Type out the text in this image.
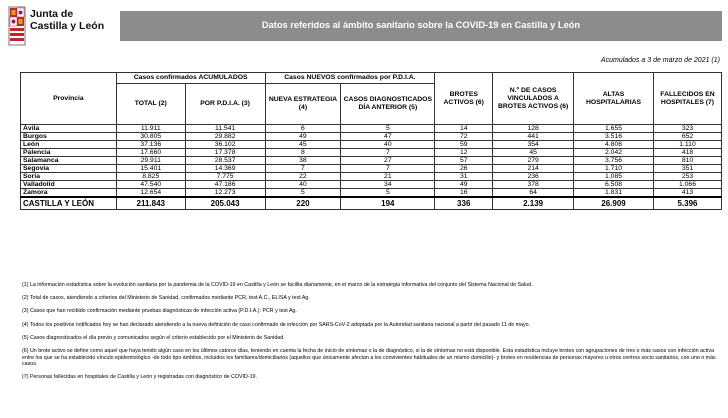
Junta de
Castilla y León	Datos referidos al ámbito sanitario sobre la COVID-19 en Castilla y León
Acumulados a 3 de marzo de 2021 (1)
Provincia	Casos confirmados ACUMULADOS		Casos NUEVOS confirmados por P.D.I.A.		BROTES ACTIVOS (6)	N.º DE CASOS VINCULADOS A BROTES ACTIVOS (6)	ALTAS HOSPITALARIAS	FALLECIDOS EN HOSPITALES (7)
	TOTAL (2)	POR P.D.I.A. (3)	NUEVA ESTRATEGIA (4)	CASOS DIAGNOSTICADOS DÍA ANTERIOR (5)				
Ávila	11.911	11.541	6	5	14	128	1.655	323
Burgos	30.805	29.882	49	47	72	441	3.516	652
León	37.136	36.102	45	40	59	354	4.806	1.110
Palencia	17.660	17.378	8	7	12	45	2.042	418
Salamanca	29.911	28.537	38	27	57	279	3.756	810
Segovia	15.401	14.369	7	7	26	214	1.710	351
Soria	8.825	7.775	22	21	31	236	1.085	253
Valladolid	47.540	47.186	40	34	49	378	6.508	1.066
Zamora	12.654	12.273	5	5	16	64	1.831	413
CASTILLA Y LEÓN	211.843	205.043	220	194	336	2.139	26.909	5.396

(1) La información estadística sobre la evolución sanitaria por la pandemia de la COVID-19 en Castilla y León se facilita diariamente, en el marco de la estrategia informativa del conjunto del Sistema Nacional de Salud.

(2) Total de casos, atendiendo a criterios del Ministerio de Sanidad, confirmados mediante PCR, test A.C., ELISA y test Ag.

(3) Casos que han recibido confirmación mediante pruebas diagnósticas de infección activa (P.D.I.A.): PCR y test Ag.

(4) Todos los positivos notificados hoy se han declarado atendiendo a la nueva definición de caso confirmado de infección por SARS-CoV-2 adoptada por la Autoridad sanitaria nacional a partir del pasado 11 de mayo.

(5) Casos diagnosticados el día previo y comunicados según el criterio establecido por el Ministerio de Sanidad.

(6) Un brote activo se define como aquel que haya tenido algún caso en los últimos catorce días, teniendo en cuenta la fecha de inicio de síntomas o la de diagnóstico, si la de síntomas no está disponible. Esta estadística incluye brotes con agrupaciones de tres o más casos con infección activa entre los que se ha establecido vínculo epidemiológico -de todo tipo ámbitos, incluidos los familiares/domiciliarios (aquellos que únicamente afectan a los convivientes habituales de un mismo domicilio)- y brotes en residencias de personas mayores u otros centros socio sanitarios, con uno o más casos.

(7) Personas fallecidas en hospitales de Castilla y León y registradas con diagnóstico de COVID-19.
